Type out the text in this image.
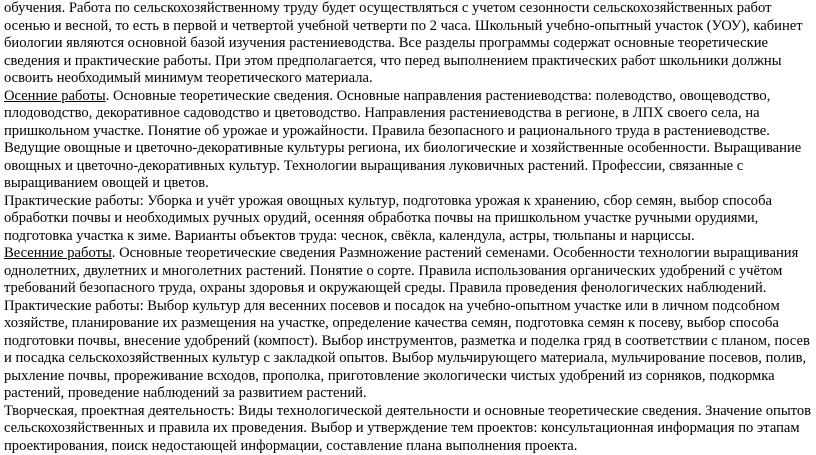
обучения. Работа по сельскохозяйственному труду будет осуществляться с учетом сезонности сельскохозяйственных работ осенью и весной, то есть в первой и четвертой учебной четверти по 2 часа. Школьный учебно-опытный участок (УОУ), кабинет биологии являются основной базой изучения растениеводства. Все разделы программы содержат основные теоретические сведения и практические работы. При этом предполагается, что перед выполнением практических работ школьники должны освоить необходимый минимум теоретического материала.

Осенние работы. Основные теоретические сведения. Основные направления растениеводства: полеводство, овощеводство, плодоводство, декоративное садоводство и цветоводство. Направления растениеводства в регионе, в ЛПХ своего села, на пришкольном участке. Понятие об урожае и урожайности. Правила безопасного и рационального труда в растениеводстве. Ведущие овощные и цветочно-декоративные культуры региона, их биологические и хозяйственные особенности. Выращивание овощных и цветочно-декоративных культур. Технологии выращивания луковичных растений. Профессии, связанные с выращиванием овощей и цветов.

Практические работы: Уборка и учёт урожая овощных культур, подготовка урожая к хранению, сбор семян, выбор способа обработки почвы и необходимых ручных орудий, осенняя обработка почвы на пришкольном участке ручными орудиями, подготовка участка к зиме. Варианты объектов труда: чеснок, свёкла, календула, астры, тюльпаны и нарциссы.

Весенние работы. Основные теоретические сведения Размножение растений семенами. Особенности технологии выращивания однолетних, двулетних и многолетних растений. Понятие о сорте. Правила использования органических удобрений с учётом требований безопасного труда, охраны здоровья и окружающей среды. Правила проведения фенологических наблюдений.

Практические работы: Выбор культур для весенних посевов и посадок на учебно-опытном участке или в личном подсобном хозяйстве, планирование их размещения на участке, определение качества семян, подготовка семян к посеву, выбор способа подготовки почвы, внесение удобрений (компост). Выбор инструментов, разметка и поделка гряд в соответствии с планом, посев и посадка сельскохозяйственных культур с закладкой опытов. Выбор мульчирующего материала, мульчирование посевов, полив, рыхление почвы, прореживание всходов, прополка, приготовление экологически чистых удобрений из сорняков, подкормка растений, проведение наблюдений за развитием растений.

Творческая, проектная деятельность: Виды технологической деятельности и основные теоретические сведения. Значение опытов сельскохозяйственных и правила их проведения. Выбор и утверждение тем проектов: консультационная информация по этапам проектирования, поиск недостающей информации, составление плана выполнения проекта.
